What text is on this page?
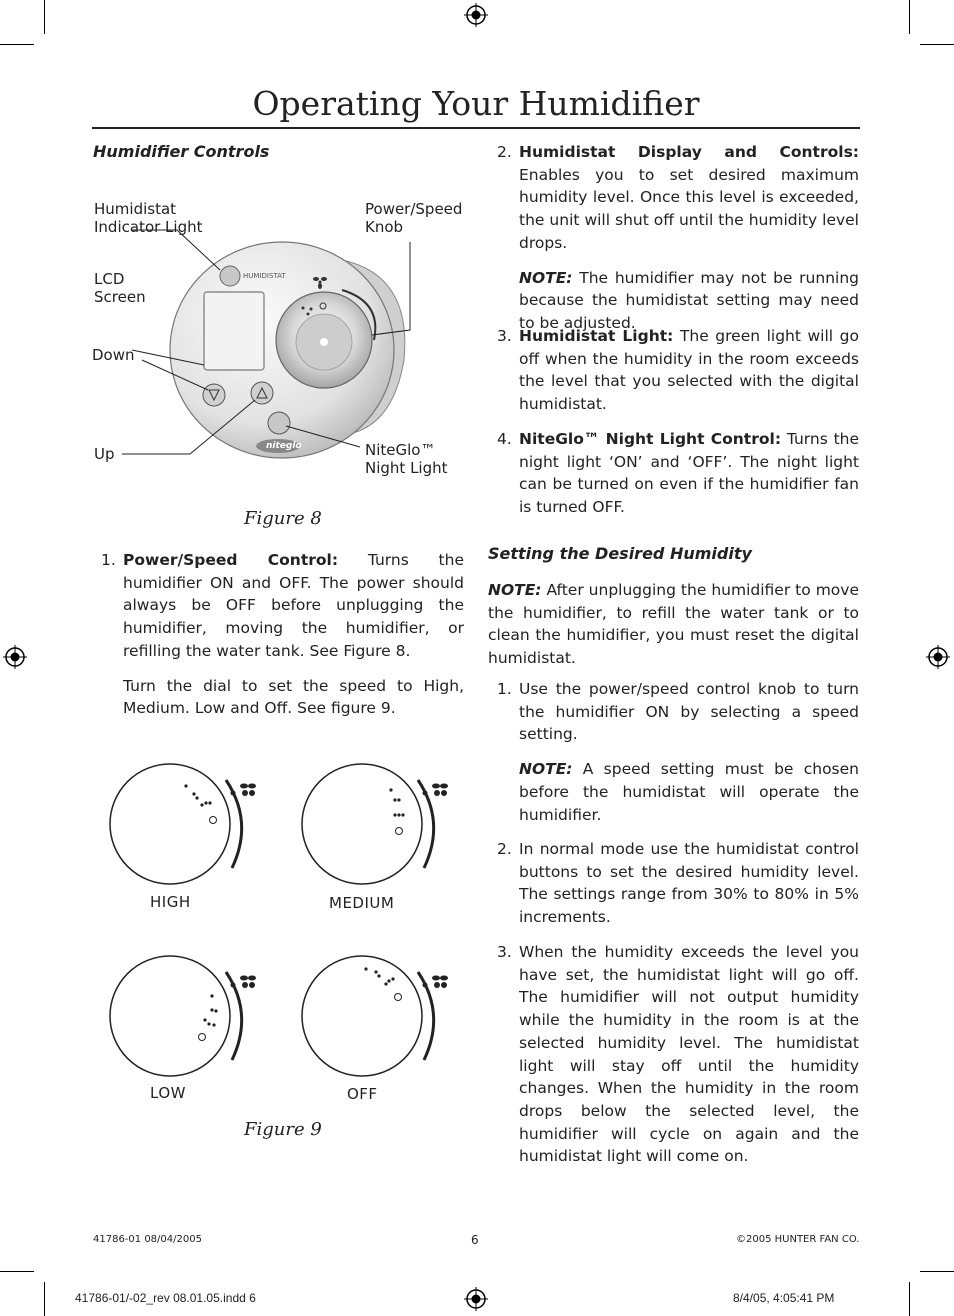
Operating Your Humidifier
Humidifier Controls
HUMIDISTAT
niteglo
Humidistat
Indicator Light
Power/Speed
Knob
LCD
Screen
Down
Up	NiteGlo™
Night Light
Figure 8
1. Power/Speed Control: Turns the humidifier ON and OFF. The power should always be OFF before unplugging the humidifier, moving the humidifier, or refilling the water tank. See Figure 8.
Turn the dial to set the speed to High, Medium. Low and Off. See figure 9.
HIGH	MEDIUM
LOW	OFF
Figure 9
2. Humidistat Display and Controls: Enables you to set desired maximum humidity level. Once this level is exceeded, the unit will shut off until the humidity level drops.
NOTE: The humidifier may not be running because the humidistat setting may need to be adjusted.
3. Humidistat Light: The green light will go off when the humidity in the room exceeds the level that you selected with the digital humidistat.
4. NiteGlo™ Night Light Control: Turns the night light ‘ON’ and ‘OFF’. The night light can be turned on even if the humidifier fan is turned OFF.
Setting the Desired Humidity
NOTE: After unplugging the humidifier to move the humidifier, to refill the water tank or to clean the humidifier, you must reset the digital humidistat.
1. Use the power/speed control knob to turn the humidifier ON by selecting a speed setting.
NOTE: A speed setting must be chosen before the humidistat will operate the humidifier.
2. In normal mode use the humidistat control buttons to set the desired humidity level. The settings range from 30% to 80% in 5% increments.
3. When the humidity exceeds the level you have set, the humidistat light will go off. The humidifier will not output humidity while the humidity in the room is at the selected humidity level. The humidistat light will stay off until the humidity changes. When the humidity in the room drops below the selected level, the humidifier will cycle on again and the humidistat light will come on.
41786-01 08/04/2005	6	©2005 HUNTER FAN CO.
41786-01/-02_rev 08.01.05.indd 6	8/4/05, 4:05:41 PM
